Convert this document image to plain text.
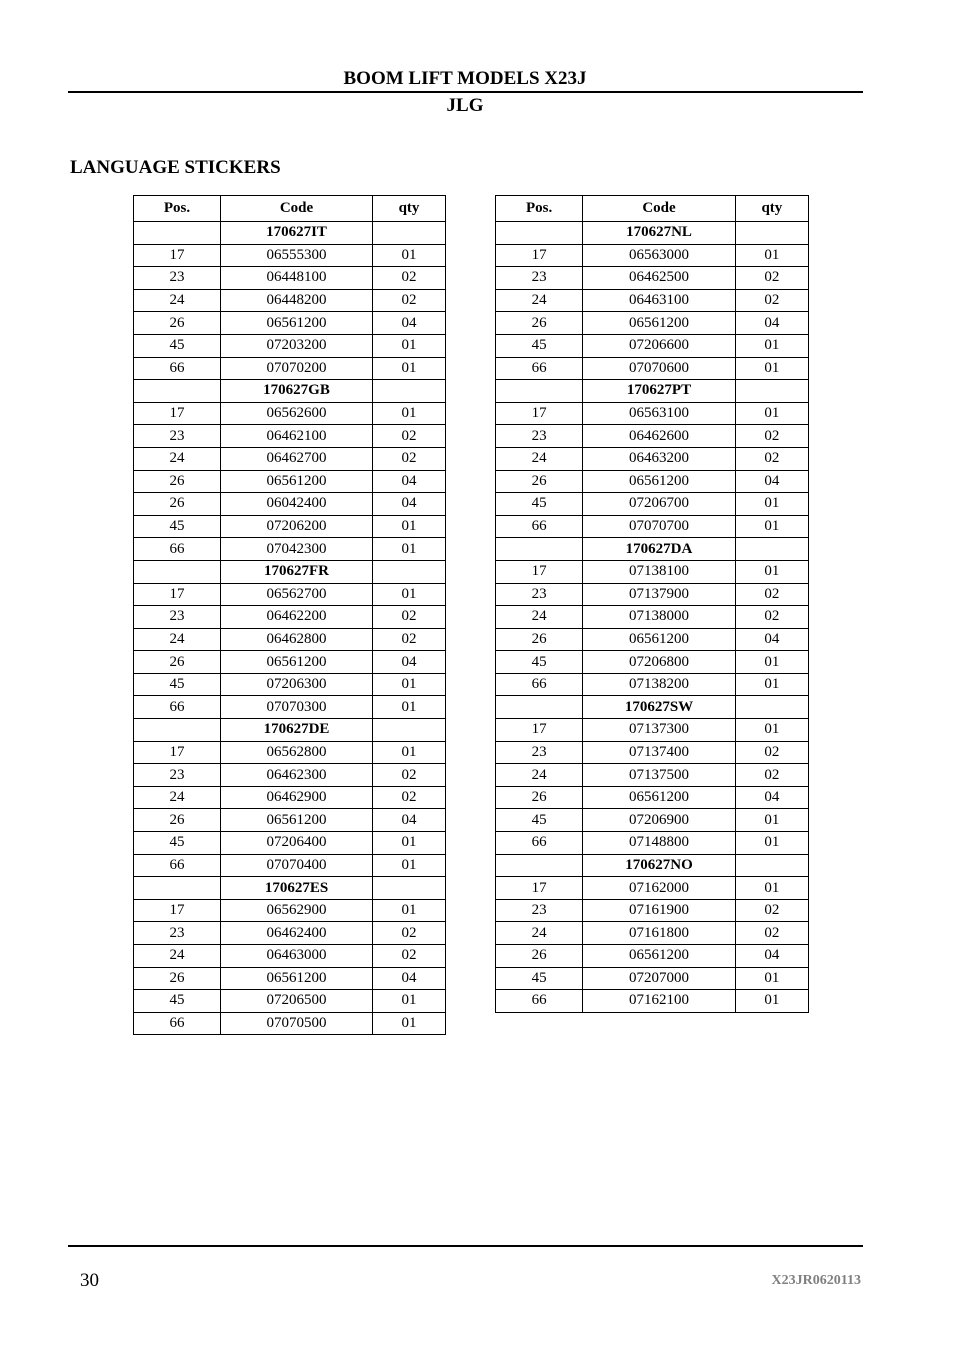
BOOM LIFT MODELS X23J
JLG
LANGUAGE STICKERS
Pos.	Code	qty
	170627IT	
17	06555300	01
23	06448100	02
24	06448200	02
26	06561200	04
45	07203200	01
66	07070200	01
	170627GB	
17	06562600	01
23	06462100	02
24	06462700	02
26	06561200	04
26	06042400	04
45	07206200	01
66	07042300	01
	170627FR	
17	06562700	01
23	06462200	02
24	06462800	02
26	06561200	04
45	07206300	01
66	07070300	01
	170627DE	
17	06562800	01
23	06462300	02
24	06462900	02
26	06561200	04
45	07206400	01
66	07070400	01
	170627ES	
17	06562900	01
23	06462400	02
24	06463000	02
26	06561200	04
45	07206500	01
66	07070500	01
Pos.	Code	qty
	170627NL	
17	06563000	01
23	06462500	02
24	06463100	02
26	06561200	04
45	07206600	01
66	07070600	01
	170627PT	
17	06563100	01
23	06462600	02
24	06463200	02
26	06561200	04
45	07206700	01
66	07070700	01
	170627DA	
17	07138100	01
23	07137900	02
24	07138000	02
26	06561200	04
45	07206800	01
66	07138200	01
	170627SW	
17	07137300	01
23	07137400	02
24	07137500	02
26	06561200	04
45	07206900	01
66	07148800	01
	170627NO	
17	07162000	01
23	07161900	02
24	07161800	02
26	06561200	04
45	07207000	01
66	07162100	01
30	X23JR0620113
